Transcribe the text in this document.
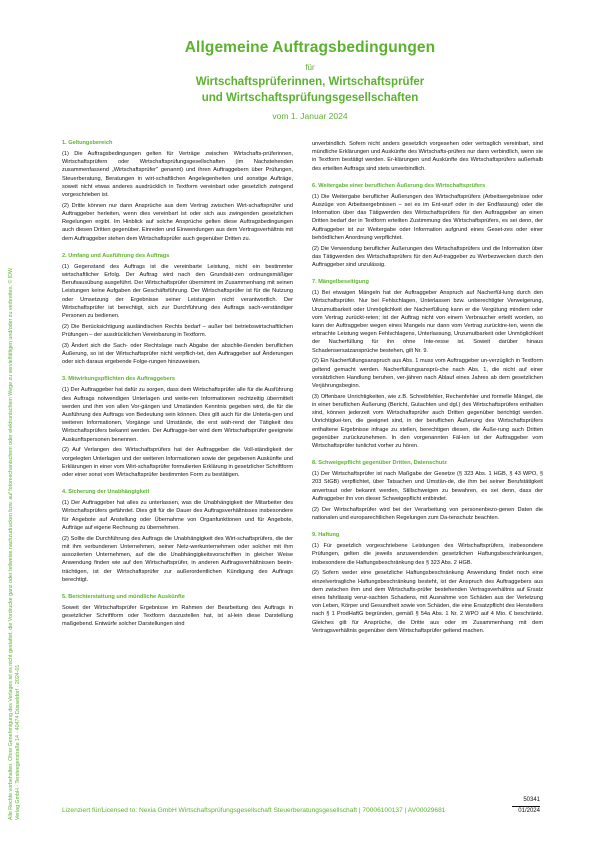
Allgemeine Auftragsbedingungen
für
Wirtschaftsprüferinnen, Wirtschaftsprüfer
und Wirtschaftsprüfungsgesellschaften
vom 1. Januar 2024
1. Geltungsbereich

(1) Die Auftragsbedingungen gelten für Verträge zwischen Wirtschafts-prüferinnen, Wirtschaftsprüfern oder Wirtschaftsprüfungsgesellschaften (im Nachstehenden zusammenfassend „Wirtschaftsprüfer" genannt) und ihren Auftraggebern über Prüfungen, Steuerberatung, Beratungen in wirt-schaftlichen Angelegenheiten und sonstige Aufträge, soweit nicht etwas anderes ausdrücklich in Textform vereinbart oder gesetzlich zwingend vorgeschrieben ist.

(2) Dritte können nur dann Ansprüche aus dem Vertrag zwischen Wirt-schaftsprüfer und Auftraggeber herleiten, wenn dies vereinbart ist oder sich aus zwingenden gesetzlichen Regelungen ergibt. Im Hinblick auf solche Ansprüche gelten diese Auftragsbedingungen auch diesen Dritten gegenüber. Einreden und Einwendungen aus dem Vertragsverhältnis mit dem Auftraggeber stehen dem Wirtschaftsprüfer auch gegenüber Dritten zu.

2. Umfang und Ausführung des Auftrags

(1) Gegenstand des Auftrags ist die vereinbarte Leistung, nicht ein bestimmter wirtschaftlicher Erfolg. Der Auftrag wird nach den Grundsät-zen ordnungsmäßiger Berufsausübung ausgeführt. Der Wirtschaftsprüfer übernimmt im Zusammenhang mit seinen Leistungen keine Aufgaben der Geschäftsführung. Der Wirtschaftsprüfer ist für die Nutzung oder Umsetzung der Ergebnisse seiner Leistungen nicht verantwortlich. Der Wirtschaftsprüfer ist berechtigt, sich zur Durchführung des Auftrags sach-verständiger Personen zu bedienen.

(2) Die Berücksichtigung ausländischen Rechts bedarf – außer bei betriebswirtschaftlichen Prüfungen – der ausdrücklichen Vereinbarung in Textform.

(3) Ändert sich die Sach- oder Rechtslage nach Abgabe der abschlie-ßenden beruflichen Äußerung, so ist der Wirtschaftsprüfer nicht verpflich-tet, den Auftraggeber auf Änderungen oder sich daraus ergebende Folge-rungen hinzuweisen.

3. Mitwirkungspflichten des Auftraggebers

(1) Der Auftraggeber hat dafür zu sorgen, dass dem Wirtschaftsprüfer alle für die Ausführung des Auftrags notwendigen Unterlagen und weite-ren Informationen rechtzeitig übermittelt werden und ihm von allen Vor-gängen und Umständen Kenntnis gegeben wird, die für die Ausführung des Auftrags von Bedeutung sein können. Dies gilt auch für die Unterla-gen und weiteren Informationen, Vorgänge und Umstände, die erst wäh-rend der Tätigkeit des Wirtschaftsprüfers bekannt werden. Der Auftragge-ber wird dem Wirtschaftsprüfer geeignete Auskunftspersonen benennen.

(2) Auf Verlangen des Wirtschaftsprüfers hat der Auftraggeber die Voll-ständigkeit der vorgelegten Unterlagen und der weiteren Informationen sowie der gegebenen Auskünfte und Erklärungen in einer vom Wirt-schaftsprüfer formulierten Erklärung in gesetzlicher Schriftform oder einer sonst vom Wirtschaftsprüfer bestimmten Form zu bestätigen.

4. Sicherung der Unabhängigkeit

(1) Der Auftraggeber hat alles zu unterlassen, was die Unabhängigkeit der Mitarbeiter des Wirtschaftsprüfers gefährdet. Dies gilt für die Dauer des Auftragsverhältnisses insbesondere für Angebote auf Anstellung oder Übernahme von Organfunktionen und für Angebote, Aufträge auf eigene Rechnung zu übernehmen.

(2) Sollte die Durchführung des Auftrags die Unabhängigkeit des Wirt-schaftsprüfers, die der mit ihm verbundenen Unternehmen, seiner Netz-werkunternehmen oder solcher mit ihm assoziierten Unternehmen, auf die die Unabhängigkeitsvorschriften in gleicher Weise Anwendung finden wie auf den Wirtschaftsprüfer, in anderen Auftragsverhältnissen beein-trächtigen, ist der Wirtschaftsprüfer zur außerordentlichen Kündigung des Auftrags berechtigt.

5. Berichterstattung und mündliche Auskünfte

Soweit der Wirtschaftsprüfer Ergebnisse im Rahmen der Bearbeitung des Auftrags in gesetzlicher Schriftform oder Textform darzustellen hat, ist al-lein diese Darstellung maßgebend. Entwürfe solcher Darstellungen sind

unverbindlich. Sofern nicht anders gesetzlich vorgesehen oder vertraglich vereinbart, sind mündliche Erklärungen und Auskünfte des Wirtschafts-prüfers nur dann verbindlich, wenn sie in Textform bestätigt werden. Er-klärungen und Auskünfte des Wirtschaftsprüfers außerhalb des erteilten Auftrags sind stets unverbindlich.

6. Weitergabe einer beruflichen Äußerung des Wirtschaftsprüfers

(1) Die Weitergabe beruflicher Äußerungen des Wirtschaftsprüfers (Arbeitsergebnisse oder Auszüge von Arbeitsergebnissen – sei es im Ent-wurf oder in der Endfassung) oder die Information über das Tätigwerden des Wirtschaftsprüfers für den Auftraggeber an einen Dritten bedarf der in Textform erteilten Zustimmung des Wirtschaftsprüfers, es sei denn, der Auftraggeber ist zur Weitergabe oder Information aufgrund eines Geset-zes oder einer behördlichen Anordnung verpflichtet.

(2) Die Verwendung beruflicher Äußerungen des Wirtschaftsprüfers und die Information über das Tätigwerden des Wirtschaftsprüfers für den Auf-traggeber zu Werbezwecken durch den Auftraggeber sind unzulässig.

7. Mängelbeseitigung

(1) Bei etwaigen Mängeln hat der Auftraggeber Anspruch auf Nacherfül-lung durch den Wirtschaftsprüfer. Nur bei Fehlschlagen, Unterlassen bzw. unberechtigter Verweigerung, Unzumutbarkeit oder Unmöglichkeit der Nacherfüllung kann er die Vergütung mindern oder vom Vertrag zurückt-reten; ist der Auftrag nicht von einem Verbraucher erteilt worden, so kann der Auftraggeber wegen eines Mangels nur dann vom Vertrag zurücktre-ten, wenn die erbrachte Leistung wegen Fehlschlagens, Unterlassung, Unzumutbarkeit oder Unmöglichkeit der Nacherfüllung für ihn ohne Inte-resse ist. Soweit darüber hinaus Schadensersatzansprüche bestehen, gilt Nr. 9.

(2) Ein Nacherfüllungsanspruch aus Abs. 1 muss vom Auftraggeber un-verzüglich in Textform geltend gemacht werden. Nacherfüllungsansprü-che nach Abs. 1, die nicht auf einer vorsätzlichen Handlung beruhen, ver-jähren nach Ablauf eines Jahres ab dem gesetzlichen Verjährungsbeginn.

(3) Offenbare Unrichtigkeiten, wie z.B. Schreibfehler, Rechenfehler und formelle Mängel, die in einer beruflichen Äußerung (Bericht, Gutachten und dgl.) des Wirtschaftsprüfers enthalten sind, können jederzeit vom Wirtschaftsprüfer auch Dritten gegenüber berichtigt werden. Unrichtigkei-ten, die geeignet sind, in der beruflichen Äußerung des Wirtschaftsprüfers enthaltene Ergebnisse infrage zu stellen, berechtigen diesen, die Äuße-rung auch Dritten gegenüber zurückzunehmen. In den vorgenannten Fäl-len ist der Auftraggeber vom Wirtschaftsprüfer tunlichst vorher zu hören.

8. Schweigepflicht gegenüber Dritten, Datenschutz

(1) Der Wirtschaftsprüfer ist nach Maßgabe der Gesetze (§ 323 Abs. 1 HGB, § 43 WPO, § 203 StGB) verpflichtet, über Tatsachen und Umstän-de, die ihm bei seiner Berufstätigkeit anvertraut oder bekannt werden, Stillschweigen zu bewahren, es sei denn, dass der Auftraggeber ihn von dieser Schweigepflicht entbindet.

(2) Der Wirtschaftsprüfer wird bei der Verarbeitung von personenbezo-genen Daten die nationalen und europarechtlichen Regelungen zum Da-tenschutz beachten.

9. Haftung

(1) Für gesetzlich vorgeschriebene Leistungen des Wirtschaftsprüfers, insbesondere Prüfungen, gelten die jeweils anzuwendenden gesetzlichen Haftungsbeschränkungen, insbesondere die Haftungsbeschränkung des § 323 Abs. 2 HGB.

(2) Sofern weder eine gesetzliche Haftungsbeschränkung Anwendung findet noch eine einzelvertragliche Haftungsbeschränkung besteht, ist der Anspruch des Auftraggebers aus dem zwischen ihm und dem Wirtschafts-prüfer bestehenden Vertragsverhältnis auf Ersatz eines fahrlässig verur-sachten Schadens, mit Ausnahme von Schäden aus der Verletzung von Leben, Körper und Gesundheit sowie von Schäden, die eine Ersatzpflicht des Herstellers nach § 1 ProdHaftG begründen, gemäß § 54a Abs. 1 Nr. 2 WPO auf 4 Mio. € beschränkt. Gleiches gilt für Ansprüche, die Dritte aus oder im Zusammenhang mit dem Vertragsverhältnis gegenüber dem Wirtschaftsprüfer geltend machen.

Alle Rechte vorbehalten. Ohne Genehmigung des Verlages ist es nicht gestattet, die Vordrucke ganz oder teilweise nachzudrucken bzw. auf fotomechanischem oder elektronischem Wege zu vervielfältigen und/oder zu verbreiten. © IDW Verlag GmbH · Tersteegenstraße 14 · 40474 Düsseldorf · 2024-01	Lizenziert für/Licensed to: Nexia GmbH Wirtschaftsprüfungsgesellschaft Steuerberatungsgesellschaft | 70006100137 | AV00029681
50341
01/2024
